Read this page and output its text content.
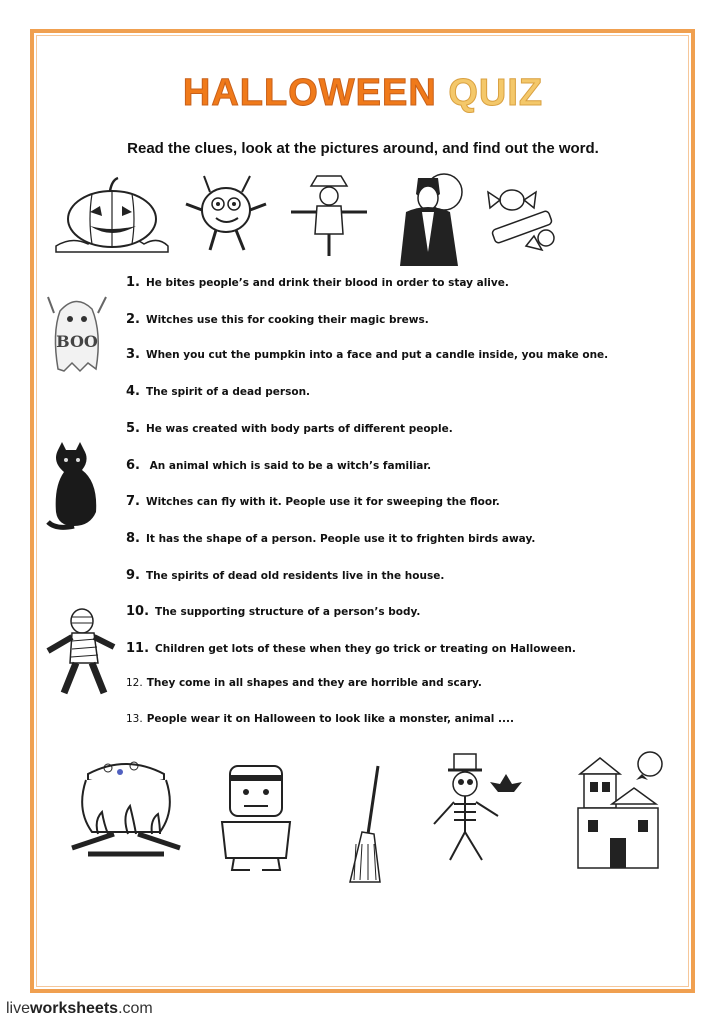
HALLOWEEN QUIZ
Read the clues, look at the pictures around, and find out the word.
BOO
1. He bites people’s and drink their blood in order to stay alive.
2. Witches use this for cooking their magic brews.
3. When you cut the pumpkin into a face and put a candle inside, you make one.
4. The spirit of a dead person.
5. He was created with body parts of different people.
6. An animal which is said to be a witch’s familiar.
7. Witches can fly with it. People use it for sweeping the floor.
8. It has the shape of a person. People use it to frighten birds away.
9. The spirits of dead old residents live in the house.
10. The supporting structure of a person’s body.
11. Children get lots of these when they go trick or treating on Halloween.
12. They come in all shapes and they are horrible and scary.
13. People wear it on Halloween to look like a monster, animal ....
liveworksheets.com
